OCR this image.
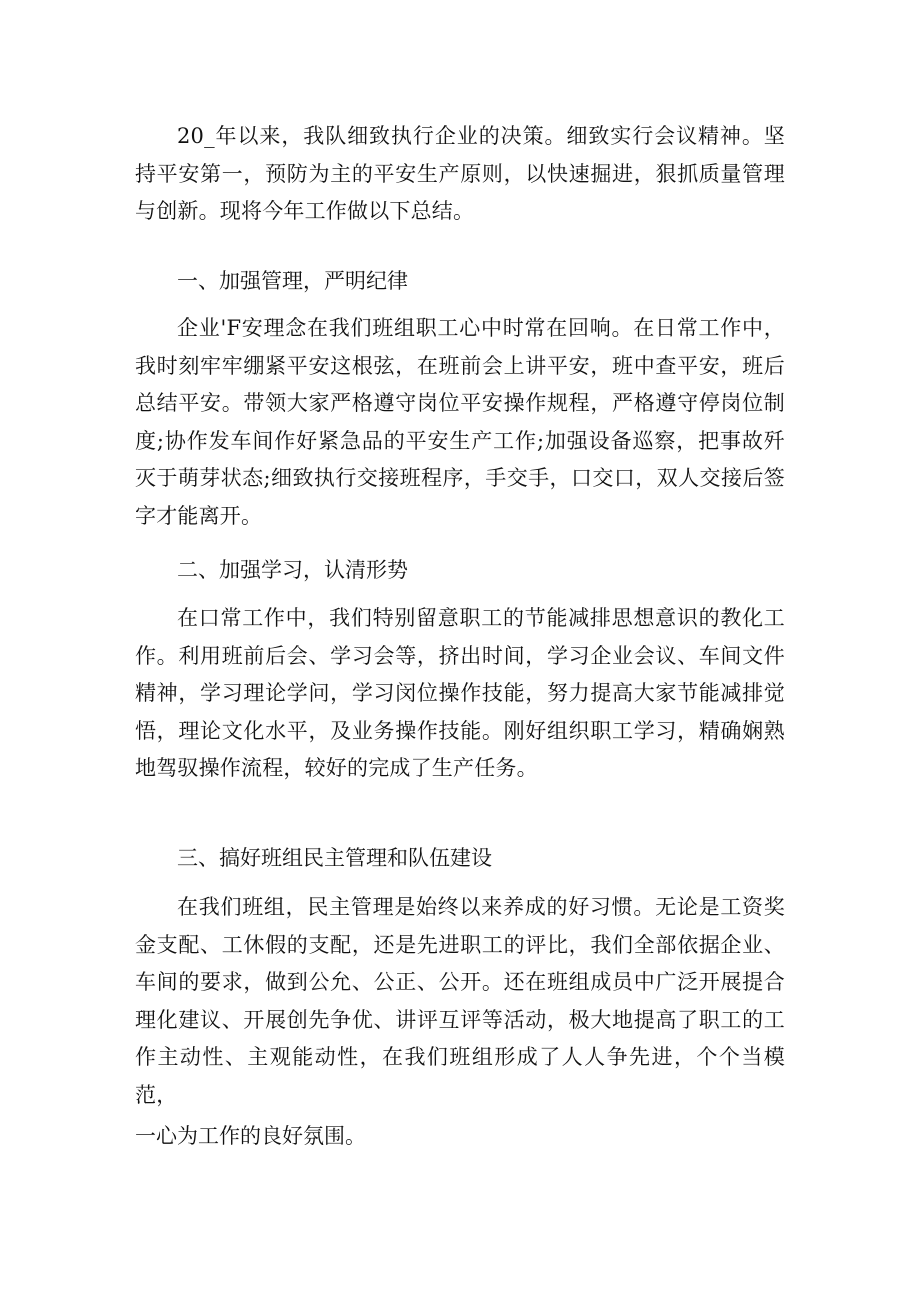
20_年以来，我队细致执行企业的决策。细致实行会议精神。坚持平安第一，预防为主的平安生产原则，以快速掘进，狠抓质量管理与创新。现将今年工作做以下总结。

一、加强管理，严明纪律

企业'F安理念在我们班组职工心中时常在回响。在日常工作中，我时刻牢牢绷紧平安这根弦，在班前会上讲平安，班中查平安，班后总结平安。带领大家严格遵守岗位平安操作规程，严格遵守停岗位制度;协作发车间作好紧急品的平安生产工作;加强设备巡察，把事故歼灭于萌芽状态;细致执行交接班程序，手交手，口交口，双人交接后签字才能离开。

二、加强学习，认清形势

在口常工作中，我们特别留意职工的节能减排思想意识的教化工作。利用班前后会、学习会等，挤出时间，学习企业会议、车间文件精神，学习理论学问，学习闵位操作技能，努力提高大家节能减排觉悟，理论文化水平，及业务操作技能。刚好组织职工学习，精确娴熟地驾驭操作流程，较好的完成了生产任务。

三、搞好班组民主管理和队伍建设

在我们班组，民主管理是始终以来养成的好习惯。无论是工资奖金支配、工休假的支配，还是先进职工的评比，我们全部依据企业、车间的要求，做到公允、公正、公开。还在班组成员中广泛开展提合理化建议、开展创先争优、讲评互评等活动，极大地提高了职工的工作主动性、主观能动性，在我们班组形成了人人争先进，个个当模范，

一心为工作的良好氛围。
